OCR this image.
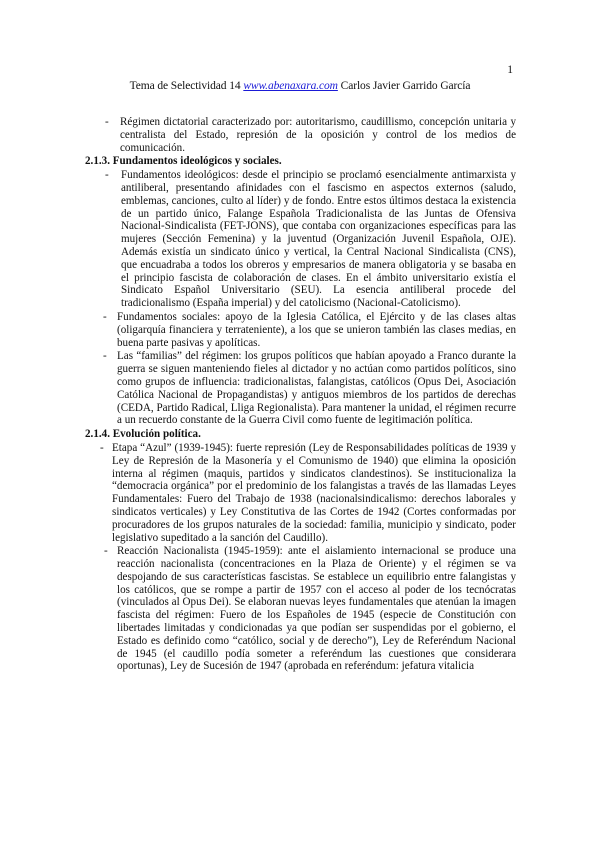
1
Tema de Selectividad 14 www.abenaxara.com Carlos Javier Garrido García

- Régimen dictatorial caracterizado por: autoritarismo, caudillismo, concepción unitaria y centralista del Estado, represión de la oposición y control de los medios de comunicación.

2.1.3. Fundamentos ideológicos y sociales.

- Fundamentos ideológicos: desde el principio se proclamó esencialmente antimarxista y antiliberal, presentando afinidades con el fascismo en aspectos externos (saludo, emblemas, canciones, culto al líder) y de fondo. Entre estos últimos destaca la existencia de un partido único, Falange Española Tradicionalista de las Juntas de Ofensiva Nacional-Sindicalista (FET-JONS), que contaba con organizaciones específicas para las mujeres (Sección Femenina) y la juventud (Organización Juvenil Española, OJE). Además existía un sindicato único y vertical, la Central Nacional Sindicalista (CNS), que encuadraba a todos los obreros y empresarios de manera obligatoria y se basaba en el principio fascista de colaboración de clases. En el ámbito universitario existía el Sindicato Español Universitario (SEU). La esencia antiliberal procede del tradicionalismo (España imperial) y del catolicismo (Nacional-Catolicismo).

- Fundamentos sociales: apoyo de la Iglesia Católica, el Ejército y de las clases altas (oligarquía financiera y terrateniente), a los que se unieron también las clases medias, en buena parte pasivas y apolíticas.

- Las “familias” del régimen: los grupos políticos que habían apoyado a Franco durante la guerra se siguen manteniendo fieles al dictador y no actúan como partidos políticos, sino como grupos de influencia: tradicionalistas, falangistas, católicos (Opus Dei, Asociación Católica Nacional de Propagandistas) y antiguos miembros de los partidos de derechas (CEDA, Partido Radical, Lliga Regionalista). Para mantener la unidad, el régimen recurre a un recuerdo constante de la Guerra Civil como fuente de legitimación política.

2.1.4. Evolución política.

- Etapa “Azul” (1939-1945): fuerte represión (Ley de Responsabilidades políticas de 1939 y Ley de Represión de la Masonería y el Comunismo de 1940) que elimina la oposición interna al régimen (maquis, partidos y sindicatos clandestinos). Se institucionaliza la “democracia orgánica” por el predominio de los falangistas a través de las llamadas Leyes Fundamentales: Fuero del Trabajo de 1938 (nacionalsindicalismo: derechos laborales y sindicatos verticales) y Ley Constitutiva de las Cortes de 1942 (Cortes conformadas por procuradores de los grupos naturales de la sociedad: familia, municipio y sindicato, poder legislativo supeditado a la sanción del Caudillo).

- Reacción Nacionalista (1945-1959): ante el aislamiento internacional se produce una reacción nacionalista (concentraciones en la Plaza de Oriente) y el régimen se va despojando de sus características fascistas. Se establece un equilibrio entre falangistas y los católicos, que se rompe a partir de 1957 con el acceso al poder de los tecnócratas (vinculados al Opus Dei). Se elaboran nuevas leyes fundamentales que atenúan la imagen fascista del régimen: Fuero de los Españoles de 1945 (especie de Constitución con libertades limitadas y condicionadas ya que podían ser suspendidas por el gobierno, el Estado es definido como “católico, social y de derecho”), Ley de Referéndum Nacional de 1945 (el caudillo podía someter a referéndum las cuestiones que considerara oportunas), Ley de Sucesión de 1947 (aprobada en referéndum: jefatura vitalicia
